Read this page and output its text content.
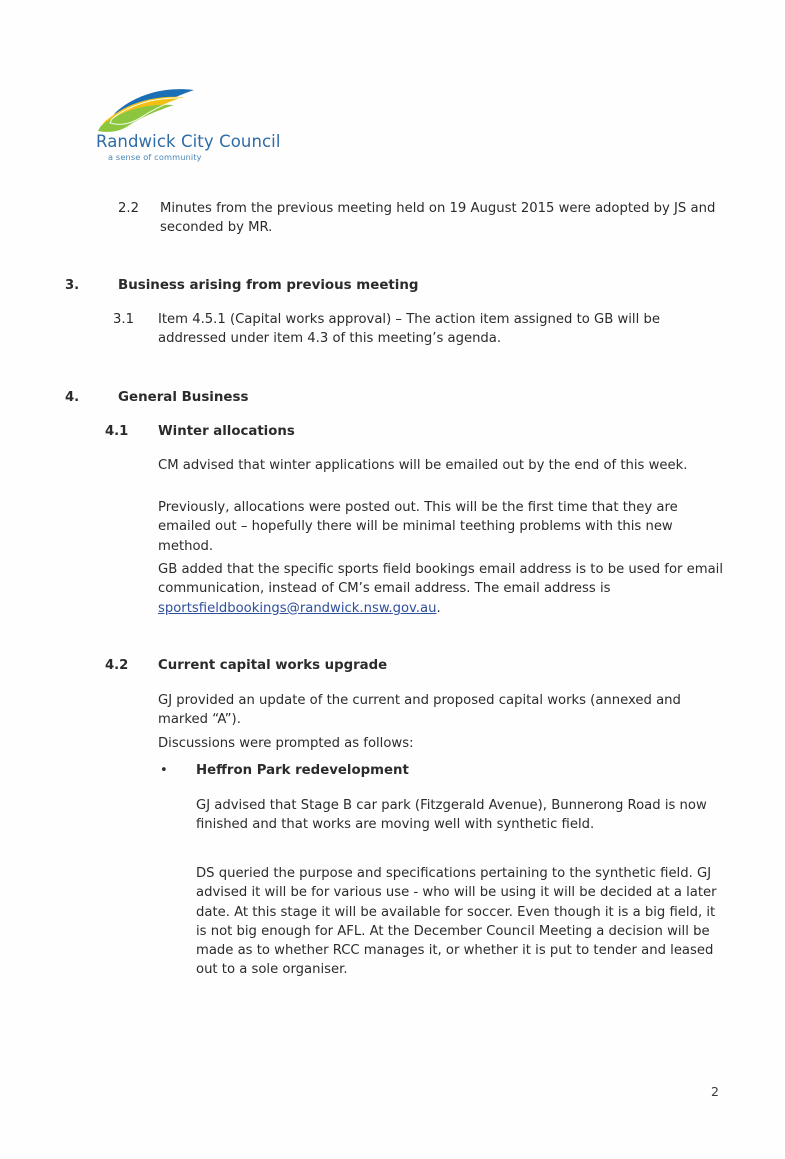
Randwick City Council
a sense of community
2.2 Minutes from the previous meeting held on 19 August 2015 were adopted by JS and seconded by MR.
3.	Business arising from previous meeting
3.1 Item 4.5.1 (Capital works approval) – The action item assigned to GB will be addressed under item 4.3 of this meeting’s agenda.
4.	General Business
4.1 Winter allocations
CM advised that winter applications will be emailed out by the end of this week.
Previously, allocations were posted out. This will be the first time that they are emailed out – hopefully there will be minimal teething problems with this new method.
GB added that the specific sports field bookings email address is to be used for email communication, instead of CM’s email address. The email address is sportsfieldbookings@randwick.nsw.gov.au.
4.2 Current capital works upgrade
GJ provided an update of the current and proposed capital works (annexed and marked “A”).
Discussions were prompted as follows:
• Heffron Park redevelopment
GJ advised that Stage B car park (Fitzgerald Avenue), Bunnerong Road is now finished and that works are moving well with synthetic field.
DS queried the purpose and specifications pertaining to the synthetic field. GJ advised it will be for various use - who will be using it will be decided at a later date. At this stage it will be available for soccer. Even though it is a big field, it is not big enough for AFL. At the December Council Meeting a decision will be made as to whether RCC manages it, or whether it is put to tender and leased out to a sole organiser.
2
